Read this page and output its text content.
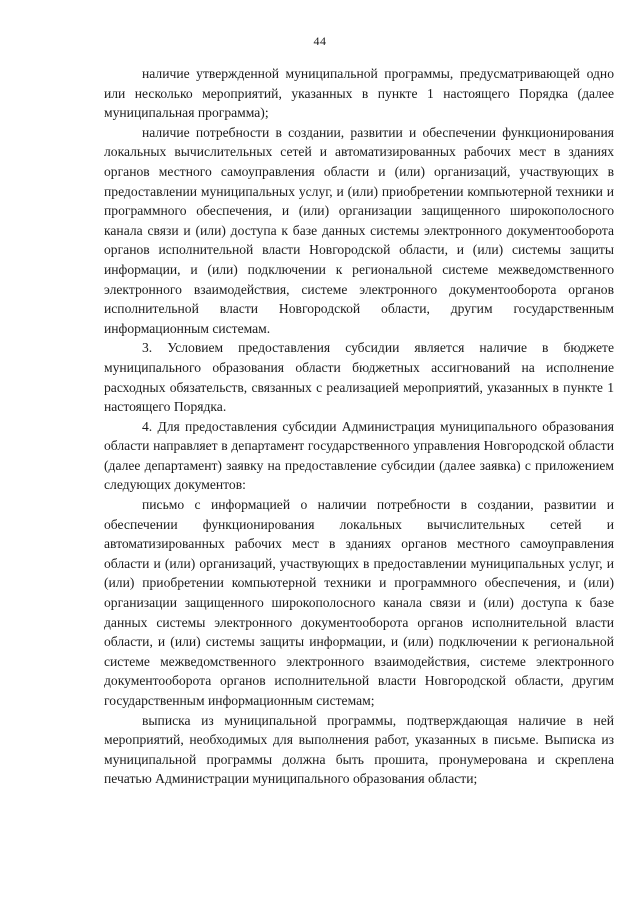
44

наличие утвержденной муниципальной программы, предусматривающей одно или несколько мероприятий, указанных в пункте 1 настоящего Порядка (далее муниципальная программа);

наличие потребности в создании, развитии и обеспечении функционирования локальных вычислительных сетей и автоматизированных рабочих мест в зданиях органов местного самоуправления области и (или) организаций, участвующих в предоставлении муниципальных услуг, и (или) приобретении компьютерной техники и программного обеспечения, и (или) организации защищенного широкополосного канала связи и (или) доступа к базе данных системы электронного документооборота органов исполнительной власти Новгородской области, и (или) системы защиты информации, и (или) подключении к региональной системе межведомственного электронного взаимодействия, системе электронного документооборота органов исполнительной власти Новгородской области, другим государственным информационным системам.

3. Условием предоставления субсидии является наличие в бюджете муниципального образования области бюджетных ассигнований на исполнение расходных обязательств, связанных с реализацией мероприятий, указанных в пункте 1 настоящего Порядка.

4. Для предоставления субсидии Администрация муниципального образования области направляет в департамент государственного управления Новгородской области (далее департамент) заявку на предоставление субсидии (далее заявка) с приложением следующих документов:

письмо с информацией о наличии потребности в создании, развитии и обеспечении функционирования локальных вычислительных сетей и автоматизированных рабочих мест в зданиях органов местного самоуправления области и (или) организаций, участвующих в предоставлении муниципальных услуг, и (или) приобретении компьютерной техники и программного обеспечения, и (или) организации защищенного широкополосного канала связи и (или) доступа к базе данных системы электронного документооборота органов исполнительной власти области, и (или) системы защиты информации, и (или) подключении к региональной системе межведомственного электронного взаимодействия, системе электронного документооборота органов исполнительной власти Новгородской области, другим государственным информационным системам;

выписка из муниципальной программы, подтверждающая наличие в ней мероприятий, необходимых для выполнения работ, указанных в письме. Выписка из муниципальной программы должна быть прошита, пронумерована и скреплена печатью Администрации муниципального образования области;
